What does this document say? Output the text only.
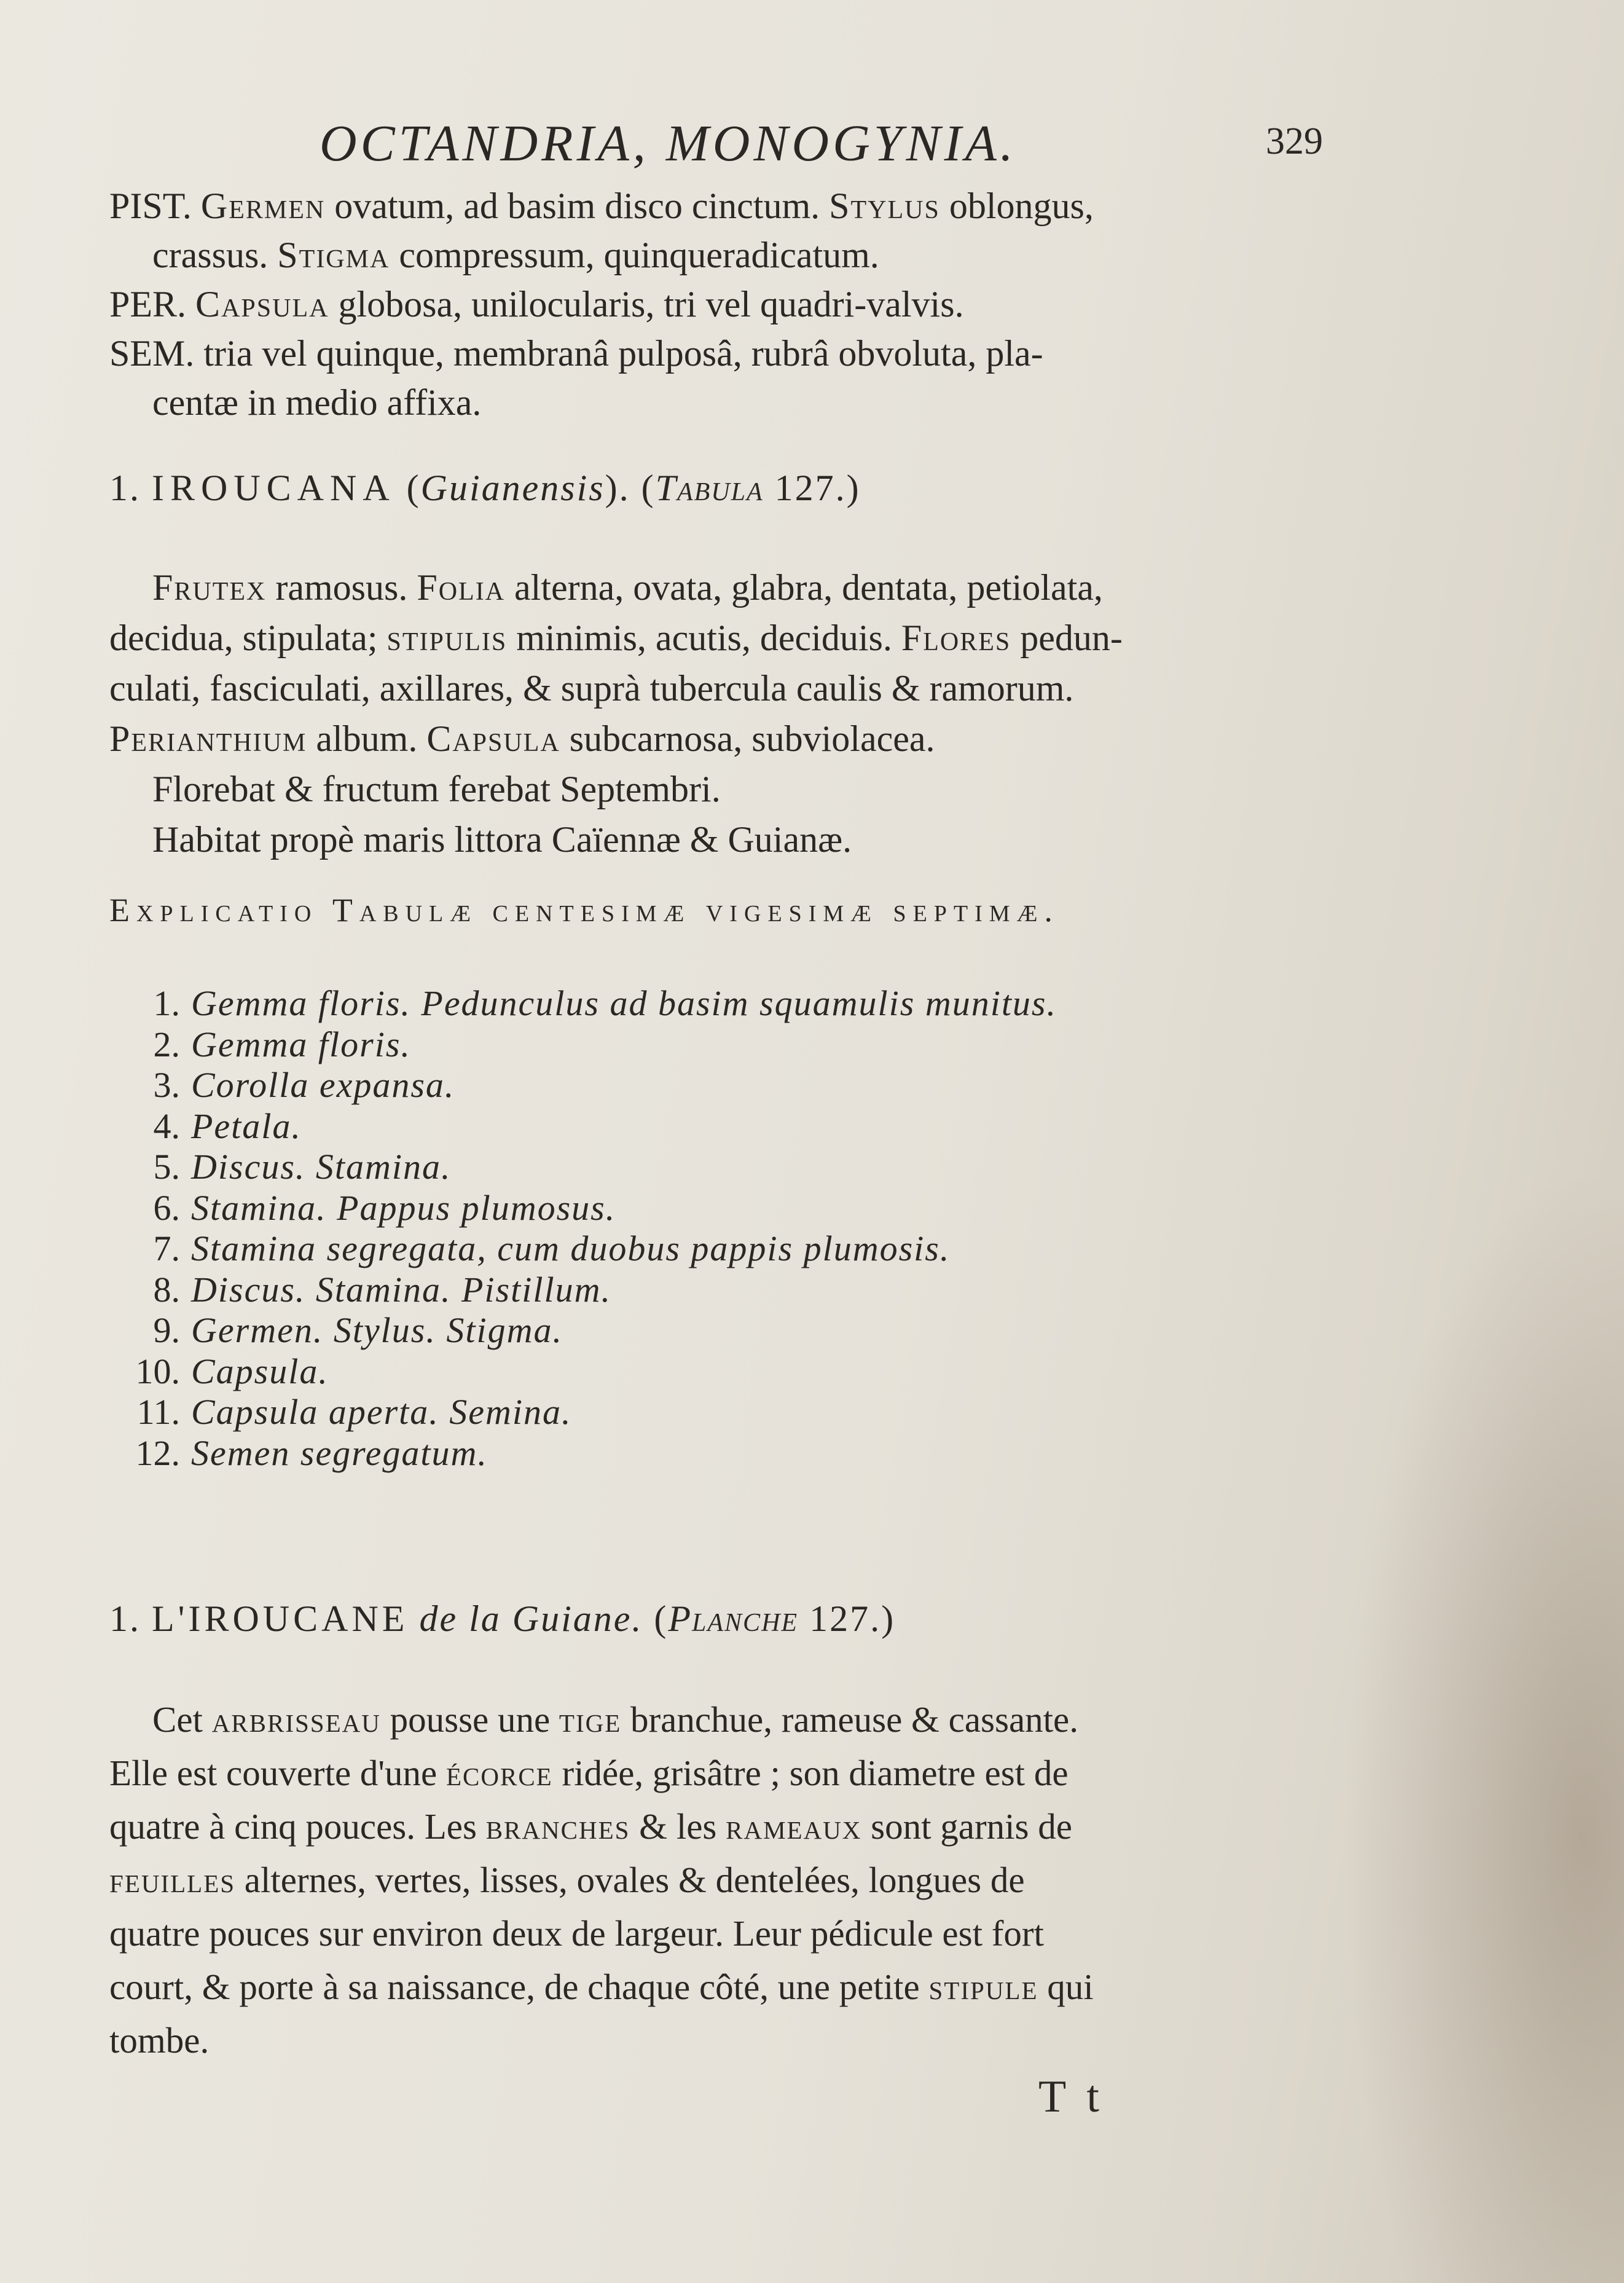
OCTANDRIA, MONOGYNIA.	329

PIST. Germen ovatum, ad basim disco cinctum. Stylus oblongus,

crassus. Stigma compressum, quinqueradicatum.

PER. Capsula globosa, unilocularis, tri vel quadri-valvis.

SEM. tria vel quinque, membranâ pulposâ, rubrâ obvoluta, pla-

centæ in medio affixa.

1. IROUCANA (Guianensis). (Tabula 127.)

Frutex ramosus. Folia alterna, ovata, glabra, dentata, petiolata,

decidua, stipulata; stipulis minimis, acutis, deciduis. Flores pedun-

culati, fasciculati, axillares, & suprà tubercula caulis & ramorum.

Perianthium album. Capsula subcarnosa, subviolacea.

Florebat & fructum ferebat Septembri.

Habitat propè maris littora Caïennæ & Guianæ.

Explicatio Tabulæ centesimæ vigesimæ septimæ.
1. Gemma floris. Pedunculus ad basim squamulis munitus.
2. Gemma floris.
3. Corolla expansa.
4. Petala.
5. Discus. Stamina.
6. Stamina. Pappus plumosus.
7. Stamina segregata, cum duobus pappis plumosis.
8. Discus. Stamina. Pistillum.
9. Germen. Stylus. Stigma.
10. Capsula.
11. Capsula aperta. Semina.
12. Semen segregatum.
1. L'IROUCANE de la Guiane. (Planche 127.)

Cet arbrisseau pousse une tige branchue, rameuse & cassante.

Elle est couverte d'une écorce ridée, grisâtre ; son diametre est de

quatre à cinq pouces. Les branches & les rameaux sont garnis de

feuilles alternes, vertes, lisses, ovales & dentelées, longues de

quatre pouces sur environ deux de largeur. Leur pédicule est fort

court, & porte à sa naissance, de chaque côté, une petite stipule qui

tombe.

T t
